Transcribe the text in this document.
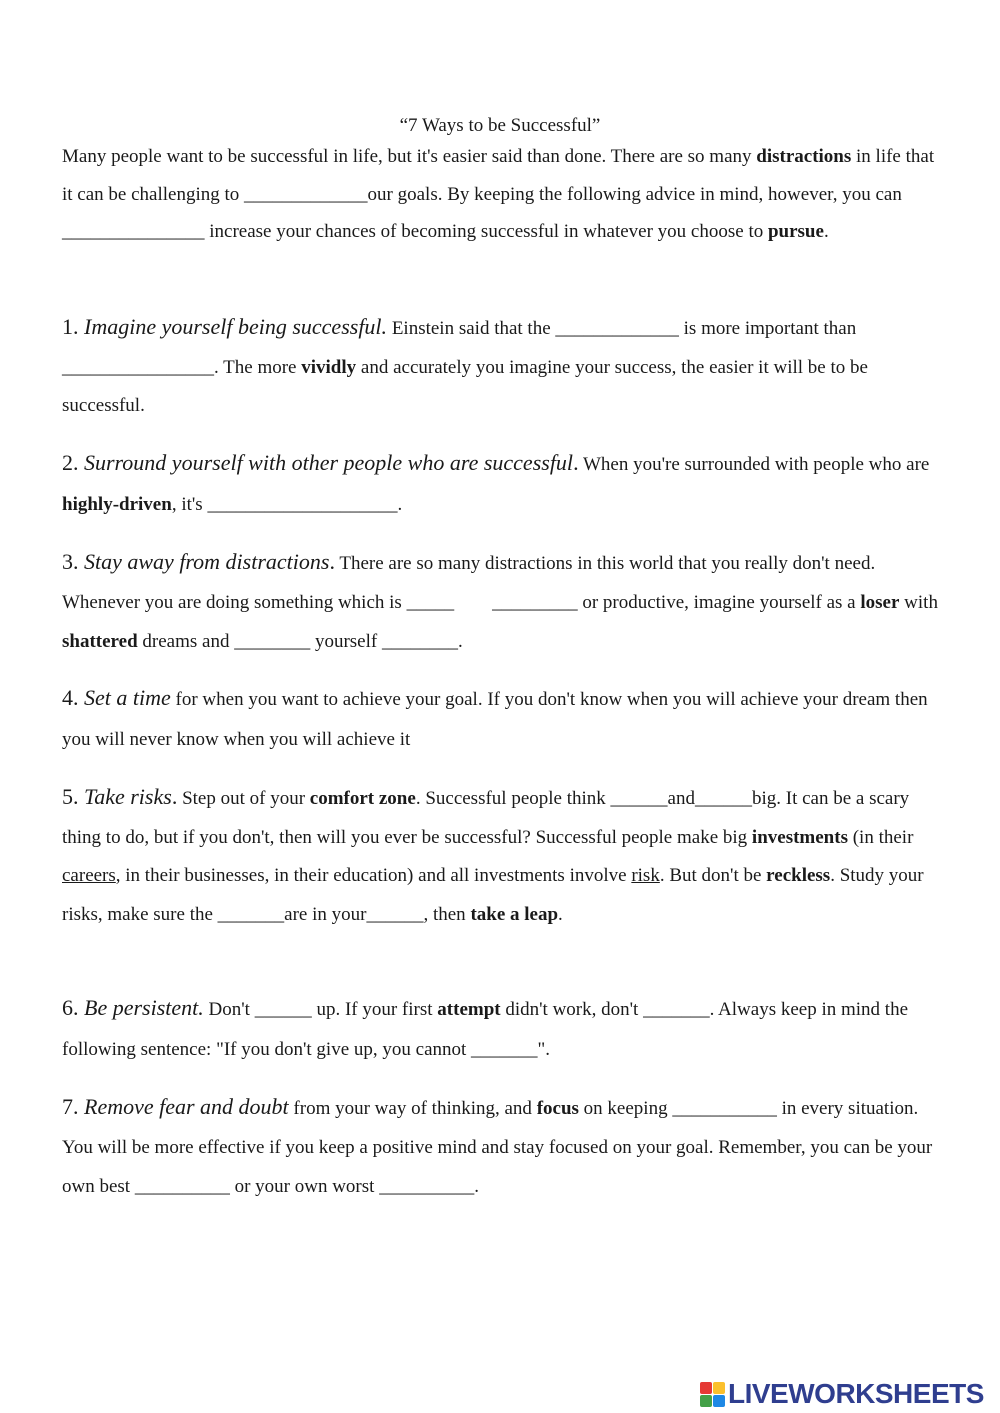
“7 Ways to be Successful”

Many people want to be successful in life, but it's easier said than done. There are so many distractions in life that it can be challenging to _____________our goals. By keeping the following advice in mind, however, you can _______________ increase your chances of becoming successful in whatever you choose to pursue.

1. Imagine yourself being successful. Einstein said that the _____________ is more important than ________________. The more vividly and accurately you imagine your success, the easier it will be to be successful.

2. Surround yourself with other people who are successful. When you're surrounded with people who are highly-driven, it's ____________________.

3. Stay away from distractions. There are so many distractions in this world that you really don't need. Whenever you are doing something which is _____        _________ or productive, imagine yourself as a loser with shattered dreams and ________ yourself ________.

4. Set a time for when you want to achieve your goal. If you don't know when you will achieve your dream then you will never know when you will achieve it

5. Take risks. Step out of your comfort zone. Successful people think ______and______big. It can be a scary thing to do, but if you don't, then will you ever be successful? Successful people make big investments (in their careers, in their businesses, in their education) and all investments involve risk. But don't be reckless. Study your risks, make sure the _______are in your______, then take a leap.

6. Be persistent. Don't ______ up. If your first attempt didn't work, don't _______. Always keep in mind the following sentence: "If you don't give up, you cannot _______".

7. Remove fear and doubt from your way of thinking, and focus on keeping ___________ in every situation. You will be more effective if you keep a positive mind and stay focused on your goal. Remember, you can be your own best __________ or your own worst __________.

LIVEWORKSHEETS
